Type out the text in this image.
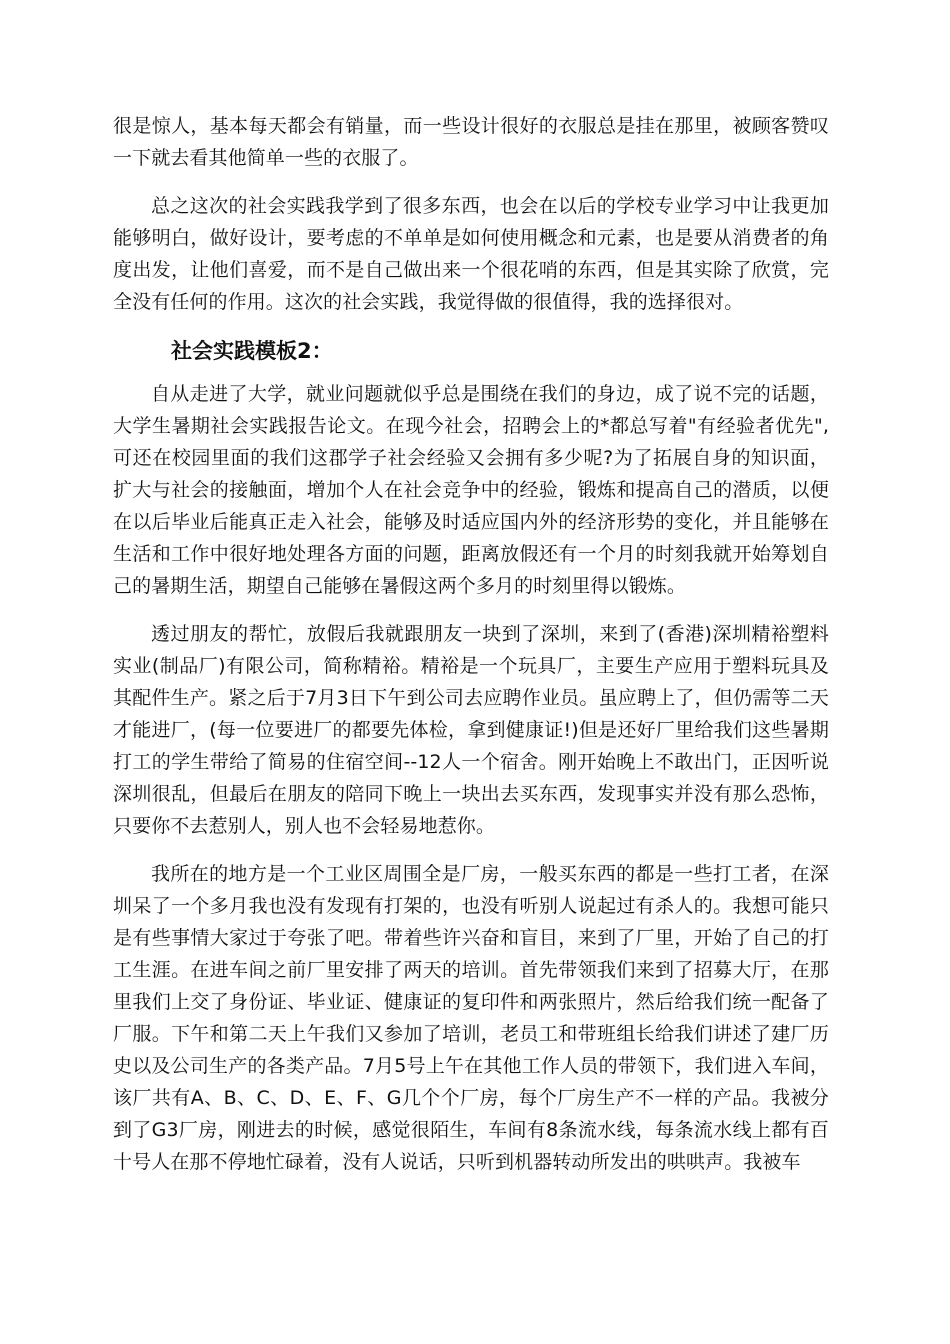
很是惊人，基本每天都会有销量，而一些设计很好的衣服总是挂在那里，被顾客赞叹一下就去看其他简单一些的衣服了。

总之这次的社会实践我学到了很多东西，也会在以后的学校专业学习中让我更加能够明白，做好设计，要考虑的不单单是如何使用概念和元素，也是要从消费者的角度出发，让他们喜爱，而不是自己做出来一个很花哨的东西，但是其实除了欣赏，完全没有任何的作用。这次的社会实践，我觉得做的很值得，我的选择很对。

社会实践模板2：

自从走进了大学，就业问题就似乎总是围绕在我们的身边，成了说不完的话题，大学生暑期社会实践报告论文。在现今社会，招聘会上的*都总写着"有经验者优先",可还在校园里面的我们这郡学子社会经验又会拥有多少呢?为了拓展自身的知识面，扩大与社会的接触面，增加个人在社会竞争中的经验，锻炼和提高自己的潜质，以便在以后毕业后能真正走入社会，能够及时适应国内外的经济形势的变化，并且能够在生活和工作中很好地处理各方面的问题，距离放假还有一个月的时刻我就开始筹划自己的暑期生活，期望自己能够在暑假这两个多月的时刻里得以锻炼。

透过朋友的帮忙，放假后我就跟朋友一块到了深圳，来到了(香港)深圳精裕塑料实业(制品厂)有限公司，简称精裕。精裕是一个玩具厂，主要生产应用于塑料玩具及其配件生产。紧之后于7月3日下午到公司去应聘作业员。虽应聘上了，但仍需等二天才能进厂，(每一位要进厂的都要先体检，拿到健康证!)但是还好厂里给我们这些暑期打工的学生带给了简易的住宿空间--12人一个宿舍。刚开始晚上不敢出门，正因听说深圳很乱，但最后在朋友的陪同下晚上一块出去买东西，发现事实并没有那么恐怖，只要你不去惹别人，别人也不会轻易地惹你。

我所在的地方是一个工业区周围全是厂房，一般买东西的都是一些打工者，在深圳呆了一个多月我也没有发现有打架的，也没有听别人说起过有杀人的。我想可能只是有些事情大家过于夸张了吧。带着些许兴奋和盲目，来到了厂里，开始了自己的打工生涯。在进车间之前厂里安排了两天的培训。首先带领我们来到了招募大厅，在那里我们上交了身份证、毕业证、健康证的复印件和两张照片，然后给我们统一配备了厂服。下午和第二天上午我们又参加了培训，老员工和带班组长给我们讲述了建厂历史以及公司生产的各类产品。7月5号上午在其他工作人员的带领下，我们进入车间，该厂共有A、B、C、D、E、F、G几个个厂房，每个厂房生产不一样的产品。我被分到了G3厂房，刚进去的时候，感觉很陌生，车间有8条流水线，每条流水线上都有百十号人在那不停地忙碌着，没有人说话，只听到机器转动所发出的哄哄声。我被车
